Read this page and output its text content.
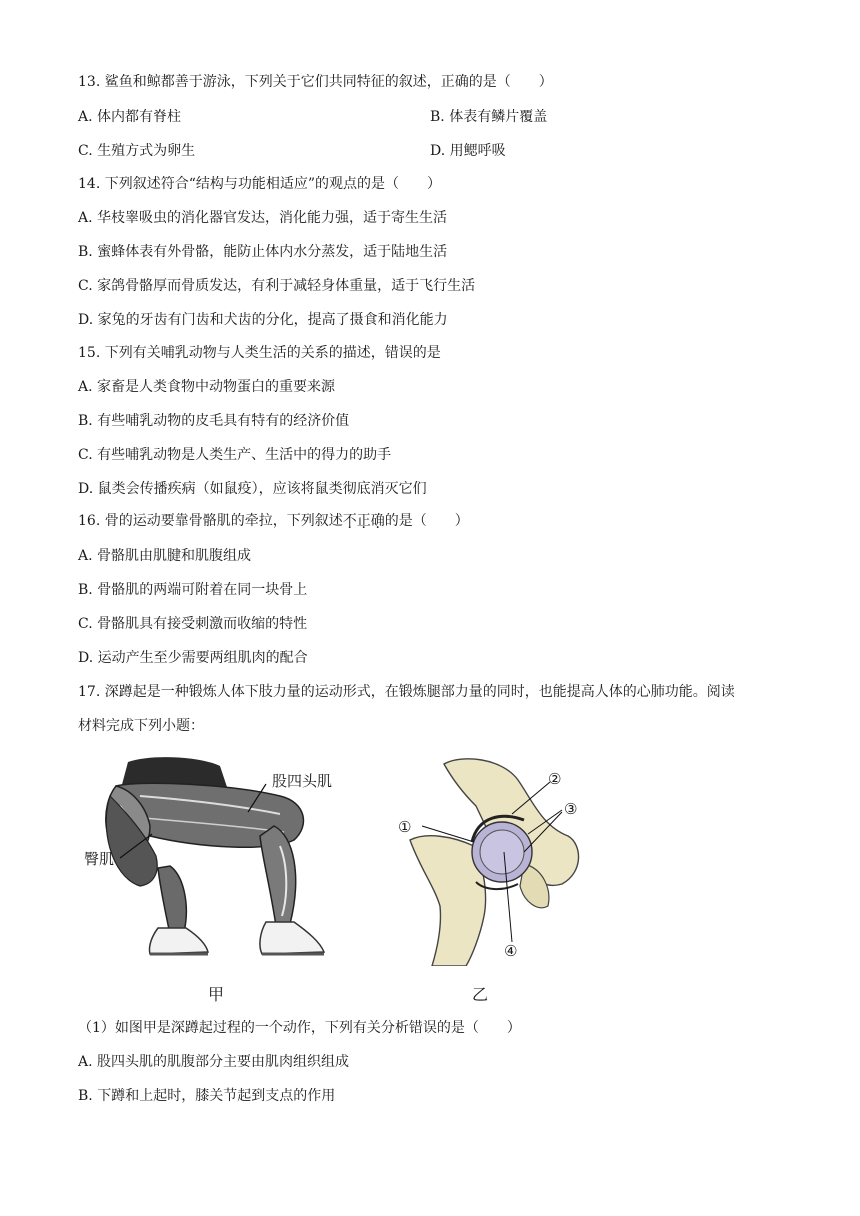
13. 鲨鱼和鲸都善于游泳，下列关于它们共同特征的叙述，正确的是（　　）
A. 体内都有脊柱	B. 体表有鳞片覆盖
C. 生殖方式为卵生	D. 用鳃呼吸
14. 下列叙述符合“结构与功能相适应”的观点的是（　　）
A. 华枝睾吸虫的消化器官发达，消化能力强，适于寄生生活
B. 蜜蜂体表有外骨骼，能防止体内水分蒸发，适于陆地生活
C. 家鸽骨骼厚而骨质发达，有利于减轻身体重量，适于飞行生活
D. 家兔的牙齿有门齿和犬齿的分化，提高了摄食和消化能力
15. 下列有关哺乳动物与人类生活的关系的描述，错误的是
A. 家畜是人类食物中动物蛋白的重要来源
B. 有些哺乳动物的皮毛具有特有的经济价值
C. 有些哺乳动物是人类生产、生活中的得力的助手
D. 鼠类会传播疾病（如鼠疫），应该将鼠类彻底消灭它们
16. 骨的运动要靠骨骼肌的牵拉，下列叙述不正确的是（　　）
A. 骨骼肌由肌腱和肌腹组成
B. 骨骼肌的两端可附着在同一块骨上
C. 骨骼肌具有接受刺激而收缩的特性
D. 运动产生至少需要两组肌肉的配合
17. 深蹲起是一种锻炼人体下肢力量的运动形式，在锻炼腿部力量的同时，也能提高人体的心肺功能。阅读
材料完成下列小题：
股四头肌
臀肌
甲
①
②
③
④
乙
（1）如图甲是深蹲起过程的一个动作，下列有关分析错误的是（　　）
A. 股四头肌的肌腹部分主要由肌肉组织组成
B. 下蹲和上起时，膝关节起到支点的作用
